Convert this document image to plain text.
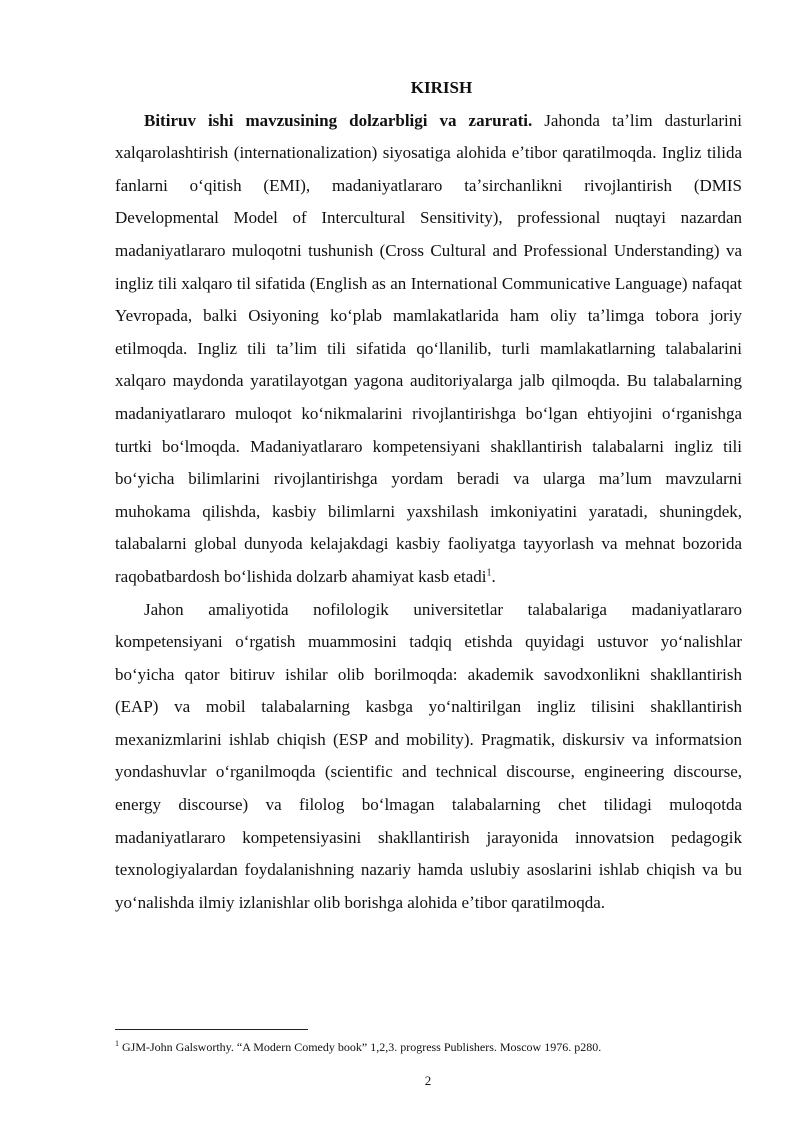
KIRISH

Bitiruv ishi mavzusining dolzarbligi va zarurati. Jahonda taʼlim dasturlarini xalqarolashtirish (internationalization) siyosatiga alohida eʼtibor qaratilmoqda. Ingliz tilida fanlarni oʻqitish (EMI), madaniyatlararo taʼsirchanlikni rivojlantirish (DMIS Developmental Model of Intercultural Sensitivity), professional nuqtayi nazardan madaniyatlararo muloqotni tushunish (Cross Cultural and Professional Understanding) va ingliz tili xalqaro til sifatida (English as an International Communicative Language) nafaqat Yevropada, balki Osiyoning koʻplab mamlakatlarida ham oliy taʼlimga tobora joriy etilmoqda. Ingliz tili taʼlim tili sifatida qoʻllanilib, turli mamlakatlarning talabalarini xalqaro maydonda yaratilayotgan yagona auditoriyalarga jalb qilmoqda. Bu talabalarning madaniyatlararo muloqot koʻnikmalarini rivojlantirishga boʻlgan ehtiyojini oʻrganishga turtki boʻlmoqda. Madaniyatlararo kompetensiyani shakllantirish talabalarni ingliz tili boʻyicha bilimlarini rivojlantirishga yordam beradi va ularga maʼlum mavzularni muhokama qilishda, kasbiy bilimlarni yaxshilash imkoniyatini yaratadi, shuningdek, talabalarni global dunyoda kelajakdagi kasbiy faoliyatga tayyorlash va mehnat bozorida raqobatbardosh boʻlishida dolzarb ahamiyat kasb etadi$^1$.

Jahon amaliyotida nofilologik universitetlar talabalariga madaniyatlararo kompetensiyani oʻrgatish muammosini tadqiq etishda quyidagi ustuvor yoʻnalishlar boʻyicha qator bitiruv ishilar olib borilmoqda: akademik savodxonlikni shakllantirish (EAP) va mobil talabalarning kasbga yoʻnaltirilgan ingliz tilisini shakllantirish mexanizmlarini ishlab chiqish (ESP and mobility). Pragmatik, diskursiv va informatsion yondashuvlar oʻrganilmoqda (scientific and technical discourse, engineering discourse, energy discourse) va filolog boʻlmagan talabalarning chet tilidagi muloqotda madaniyatlararo kompetensiyasini shakllantirish jarayonida innovatsion pedagogik texnologiyalardan foydalanishning nazariy hamda uslubiy asoslarini ishlab chiqish va bu yoʻnalishda ilmiy izlanishlar olib borishga alohida eʼtibor qaratilmoqda.

$^1$ GJM-John Galsworthy. “A Modern Comedy book” 1,2,3. progress Publishers. Moscow 1976. p280.

2
